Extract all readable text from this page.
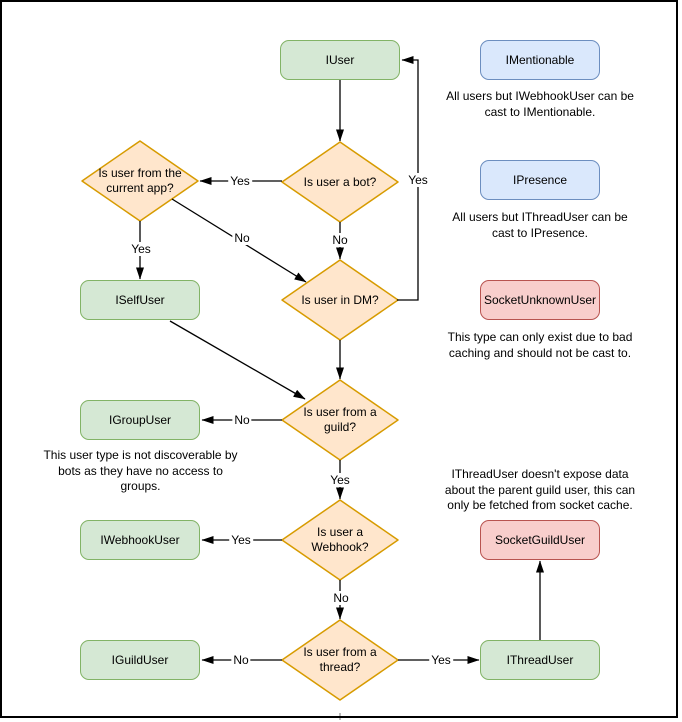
IUser	IMentionable
IPresence
SocketUnknownUser
ISelfUser
IGroupUser
IWebhookUser
IGuildUser
SocketGuildUser
IThreadUser
Is user a bot?
Is user from the current app?
Is user in DM?
Is user from a guild?
Is user a Webhook?
Is user from a thread?
Yes
No
Yes
No
Yes
No
Yes
Yes
No
No	Yes
All users but IWebhookUser can be
cast to IMentionable.
All users but IThreadUser can be
cast to IPresence.
This type can only exist due to bad
caching and should not be cast to.
IThreadUser doesn't expose data
about the parent guild user, this can
only be fetched from socket cache.
This user type is not discoverable by
bots as they have no access to
groups.
